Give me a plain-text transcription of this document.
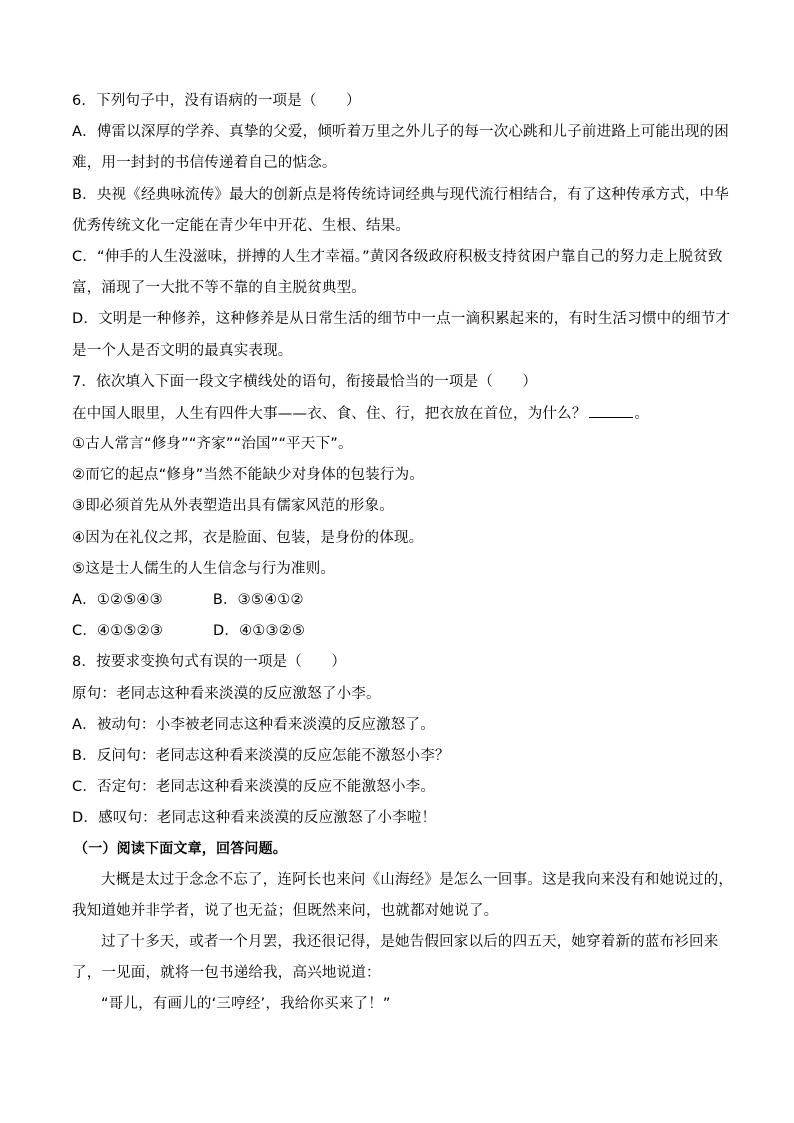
6．下列句子中，没有语病的一项是（　　）
A．傅雷以深厚的学养、真挚的父爱，倾听着万里之外儿子的每一次心跳和儿子前进路上可能出现的困
难，用一封封的书信传递着自己的惦念。
B．央视《经典咏流传》最大的创新点是将传统诗词经典与现代流行相结合，有了这种传承方式，中华
优秀传统文化一定能在青少年中开花、生根、结果。
C．“伸手的人生没滋味，拼搏的人生才幸福。”黄冈各级政府积极支持贫困户靠自己的努力走上脱贫致
富，涌现了一大批不等不靠的自主脱贫典型。
D．文明是一种修养，这种修养是从日常生活的细节中一点一滴积累起来的，有时生活习惯中的细节才
是一个人是否文明的最真实表现。
7．依次填入下面一段文字横线处的语句，衔接最恰当的一项是（　　）
在中国人眼里，人生有四件大事——衣、食、住、行，把衣放在首位，为什么？	。
①古人常言“修身”“齐家”“治国”“平天下”。
②而它的起点“修身”当然不能缺少对身体的包装行为。
③即必须首先从外表塑造出具有儒家风范的形象。
④因为在礼仪之邦，衣是脸面、包装，是身份的体现。
⑤这是士人儒生的人生信念与行为准则。
A．①②⑤④③	B．③⑤④①②
C．④①⑤②③	D．④①③②⑤
8．按要求变换句式有误的一项是（　　）
原句：老同志这种看来淡漠的反应激怒了小李。
A．被动句：小李被老同志这种看来淡漠的反应激怒了。
B．反问句：老同志这种看来淡漠的反应怎能不激怒小李？
C．否定句：老同志这种看来淡漠的反应不能激怒小李。
D．感叹句：老同志这种看来淡漠的反应激怒了小李啦！
（一）阅读下面文章，回答问题。
大概是太过于念念不忘了，连阿长也来问《山海经》是怎么一回事。这是我向来没有和她说过的，
我知道她并非学者，说了也无益；但既然来问，也就都对她说了。
过了十多天，或者一个月罢，我还很记得，是她告假回家以后的四五天，她穿着新的蓝布衫回来
了，一见面，就将一包书递给我，高兴地说道：
“哥儿，有画儿的‘三哼经’，我给你买来了！”
